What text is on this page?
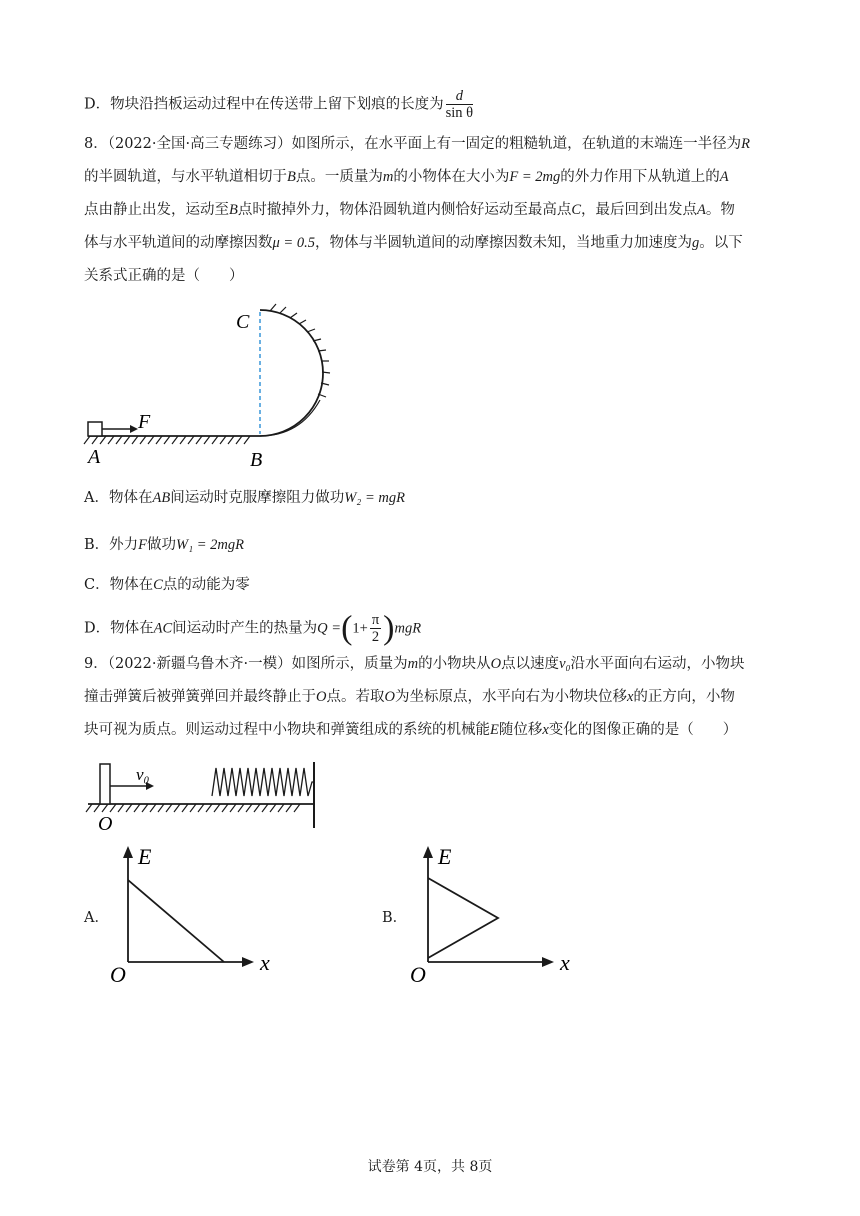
D．物块沿挡板运动过程中在传送带上留下划痕的长度为 $\frac{d}{\text{sin θ}}$
8．（2022·全国·高三专题练习）如图所示，在水平面上有一固定的粗糙轨道，在轨道的末端连一半径为R
的半圆轨道，与水平轨道相切于B点。一质量为m的小物体在大小为F = 2mg的外力作用下从轨道上的A
点由静止出发，运动至B点时撤掉外力，物体沿圆轨道内侧恰好运动至最高点C，最后回到出发点A。物
体与水平轨道间的动摩擦因数μ = 0.5，物体与半圆轨道间的动摩擦因数未知，当地重力加速度为g。以下
关系式正确的是（　　）
F
A	B
C
A．物体在AB间运动时克服摩擦阻力做功W₂ = mgR
B．外力F做功W₁ = 2mgR
C．物体在C点的动能为零
D．物体在AC间运动时产生的热量为$Q =(1+ \frac{\pi}{2} )mgR$
9．（2022·新疆乌鲁木齐·一模）如图所示，质量为m的小物块从O点以速度v₀沿水平面向右运动，小物块
撞击弹簧后被弹簧弹回并最终静止于O点。若取O为坐标原点，水平向右为小物块位移x的正方向，小物
块可视为质点。则运动过程中小物块和弹簧组成的系统的机械能E随位移x变化的图像正确的是（　　）
v₀
O
A．
E
x
O
B．
E
x
O
试卷第 4页，共 8页
